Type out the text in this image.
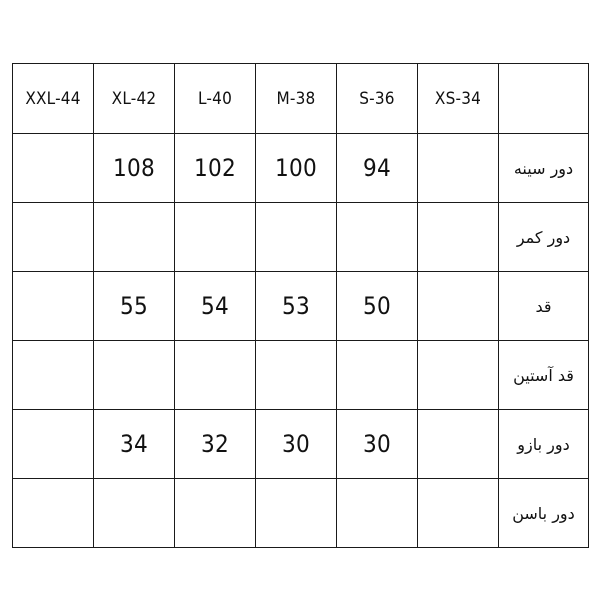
XXL-44	XL-42	L-40	M-38	S-36	XS-34	
	108	102	100	94		دور سینه
						دور کمر
	55	54	53	50		قد
						قد آستین
	34	32	30	30		دور بازو
						دور باسن
